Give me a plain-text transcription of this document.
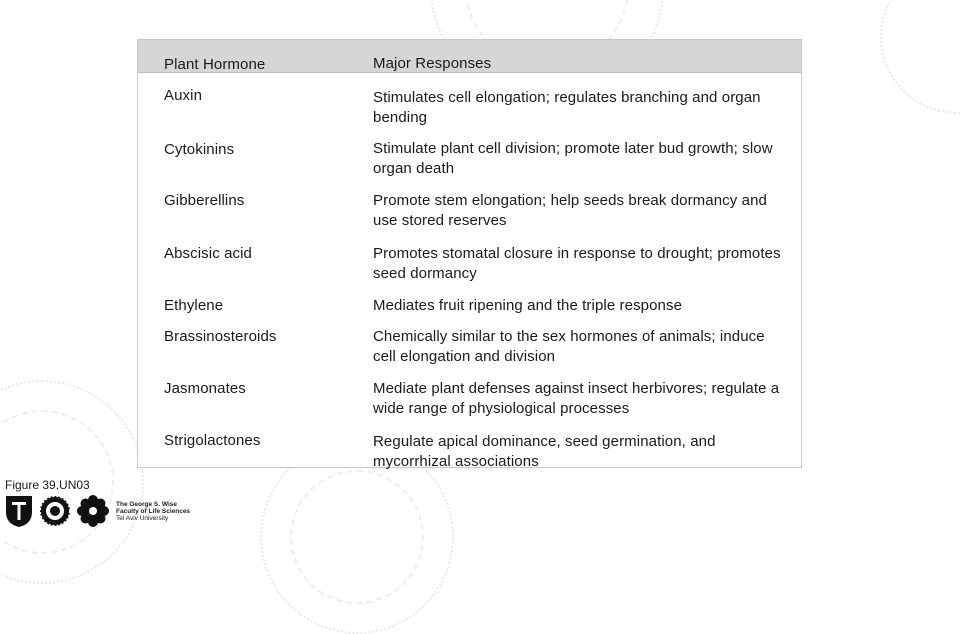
Plant Hormone	Major Responses
Auxin	Stimulates cell elongation; regulates branching and organ bending
Cytokinins	Stimulate plant cell division; promote later bud growth; slow organ death
Gibberellins	Promote stem elongation; help seeds break dormancy and use stored reserves
Abscisic acid	Promotes stomatal closure in response to drought; promotes seed dormancy
Ethylene	Mediates fruit ripening and the triple response
Brassinosteroids	Chemically similar to the sex hormones of animals; induce cell elongation and division
Jasmonates	Mediate plant defenses against insect herbivores; regulate a wide range of physiological processes
Strigolactones	Regulate apical dominance, seed germination, and mycorrhizal associations
Figure 39.UN03
The George S. Wise
Faculty of Life Sciences
Tel Aviv University
